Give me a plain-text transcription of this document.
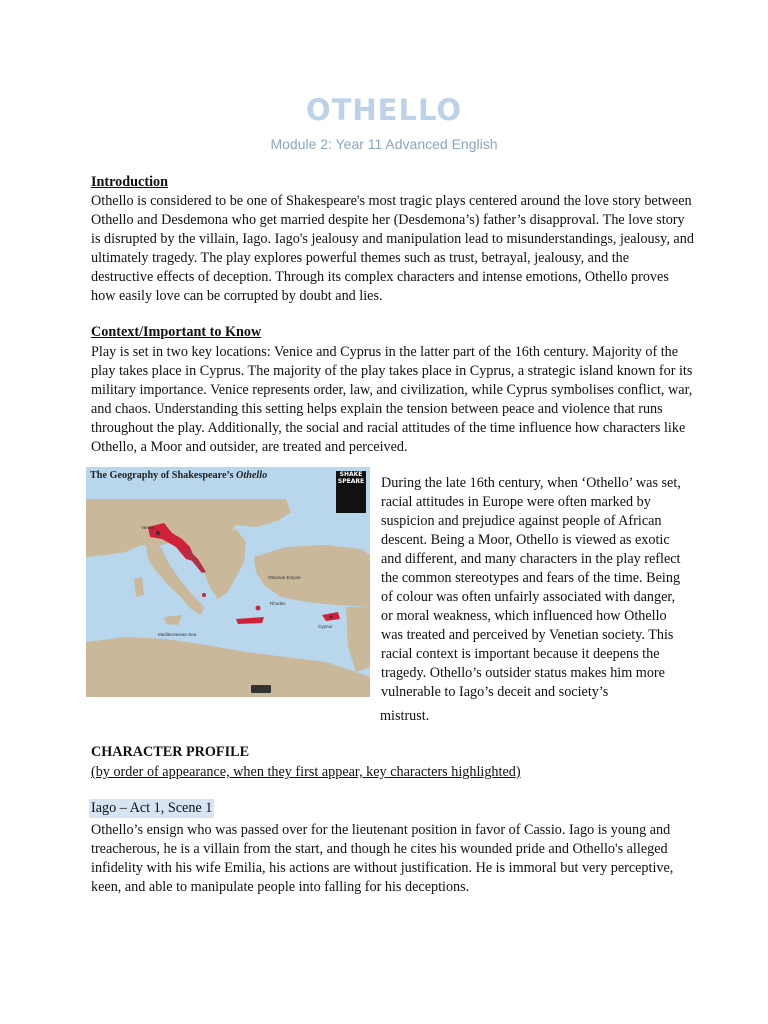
OTHELLO
Module 2: Year 11 Advanced English
Introduction

Othello is considered to be one of Shakespeare's most tragic plays centered around the love story between

Othello and Desdemona who get married despite her (Desdemona’s) father’s disapproval. The love story

is disrupted by the villain, Iago. Iago's jealousy and manipulation lead to misunderstandings, jealousy, and

ultimately tragedy. The play explores powerful themes such as trust, betrayal, jealousy, and the

destructive effects of deception. Through its complex characters and intense emotions, Othello proves

how easily love can be corrupted by doubt and lies.

Context/Important to Know

Play is set in two key locations: Venice and Cyprus in the latter part of the 16th century. Majority of the

play takes place in Cyprus. The majority of the play takes place in Cyprus, a strategic island known for its

military importance. Venice represents order, law, and civilization, while Cyprus symbolises conflict, war,

and chaos. Understanding this setting helps explain the tension between peace and violence that runs

throughout the play. Additionally, the social and racial attitudes of the time influence how characters like

Othello, a Moor and outsider, are treated and perceived.

The Geography of Shakespeare’s Othello	SHAKE SPEARE
Venice
Ottoman Empire
Cyprus
Rhodes
Mediterranean Sea

During the late 16th century, when ‘Othello’ was set,

racial attitudes in Europe were often marked by

suspicion and prejudice against people of African

descent. Being a Moor, Othello is viewed as exotic

and different, and many characters in the play reflect

the common stereotypes and fears of the time. Being

of colour was often unfairly associated with danger,

or moral weakness, which influenced how Othello

was treated and perceived by Venetian society. This

racial context is important because it deepens the

tragedy. Othello’s outsider status makes him more

vulnerable to Iago’s deceit and society’s

mistrust.
CHARACTER PROFILE
(by order of appearance, when they first appear, key characters highlighted)
Iago – Act 1, Scene 1

Othello’s ensign who was passed over for the lieutenant position in favor of Cassio. Iago is young and

treacherous, he is a villain from the start, and though he cites his wounded pride and Othello's alleged

infidelity with his wife Emilia, his actions are without justification. He is immoral but very perceptive,

keen, and able to manipulate people into falling for his deceptions.
